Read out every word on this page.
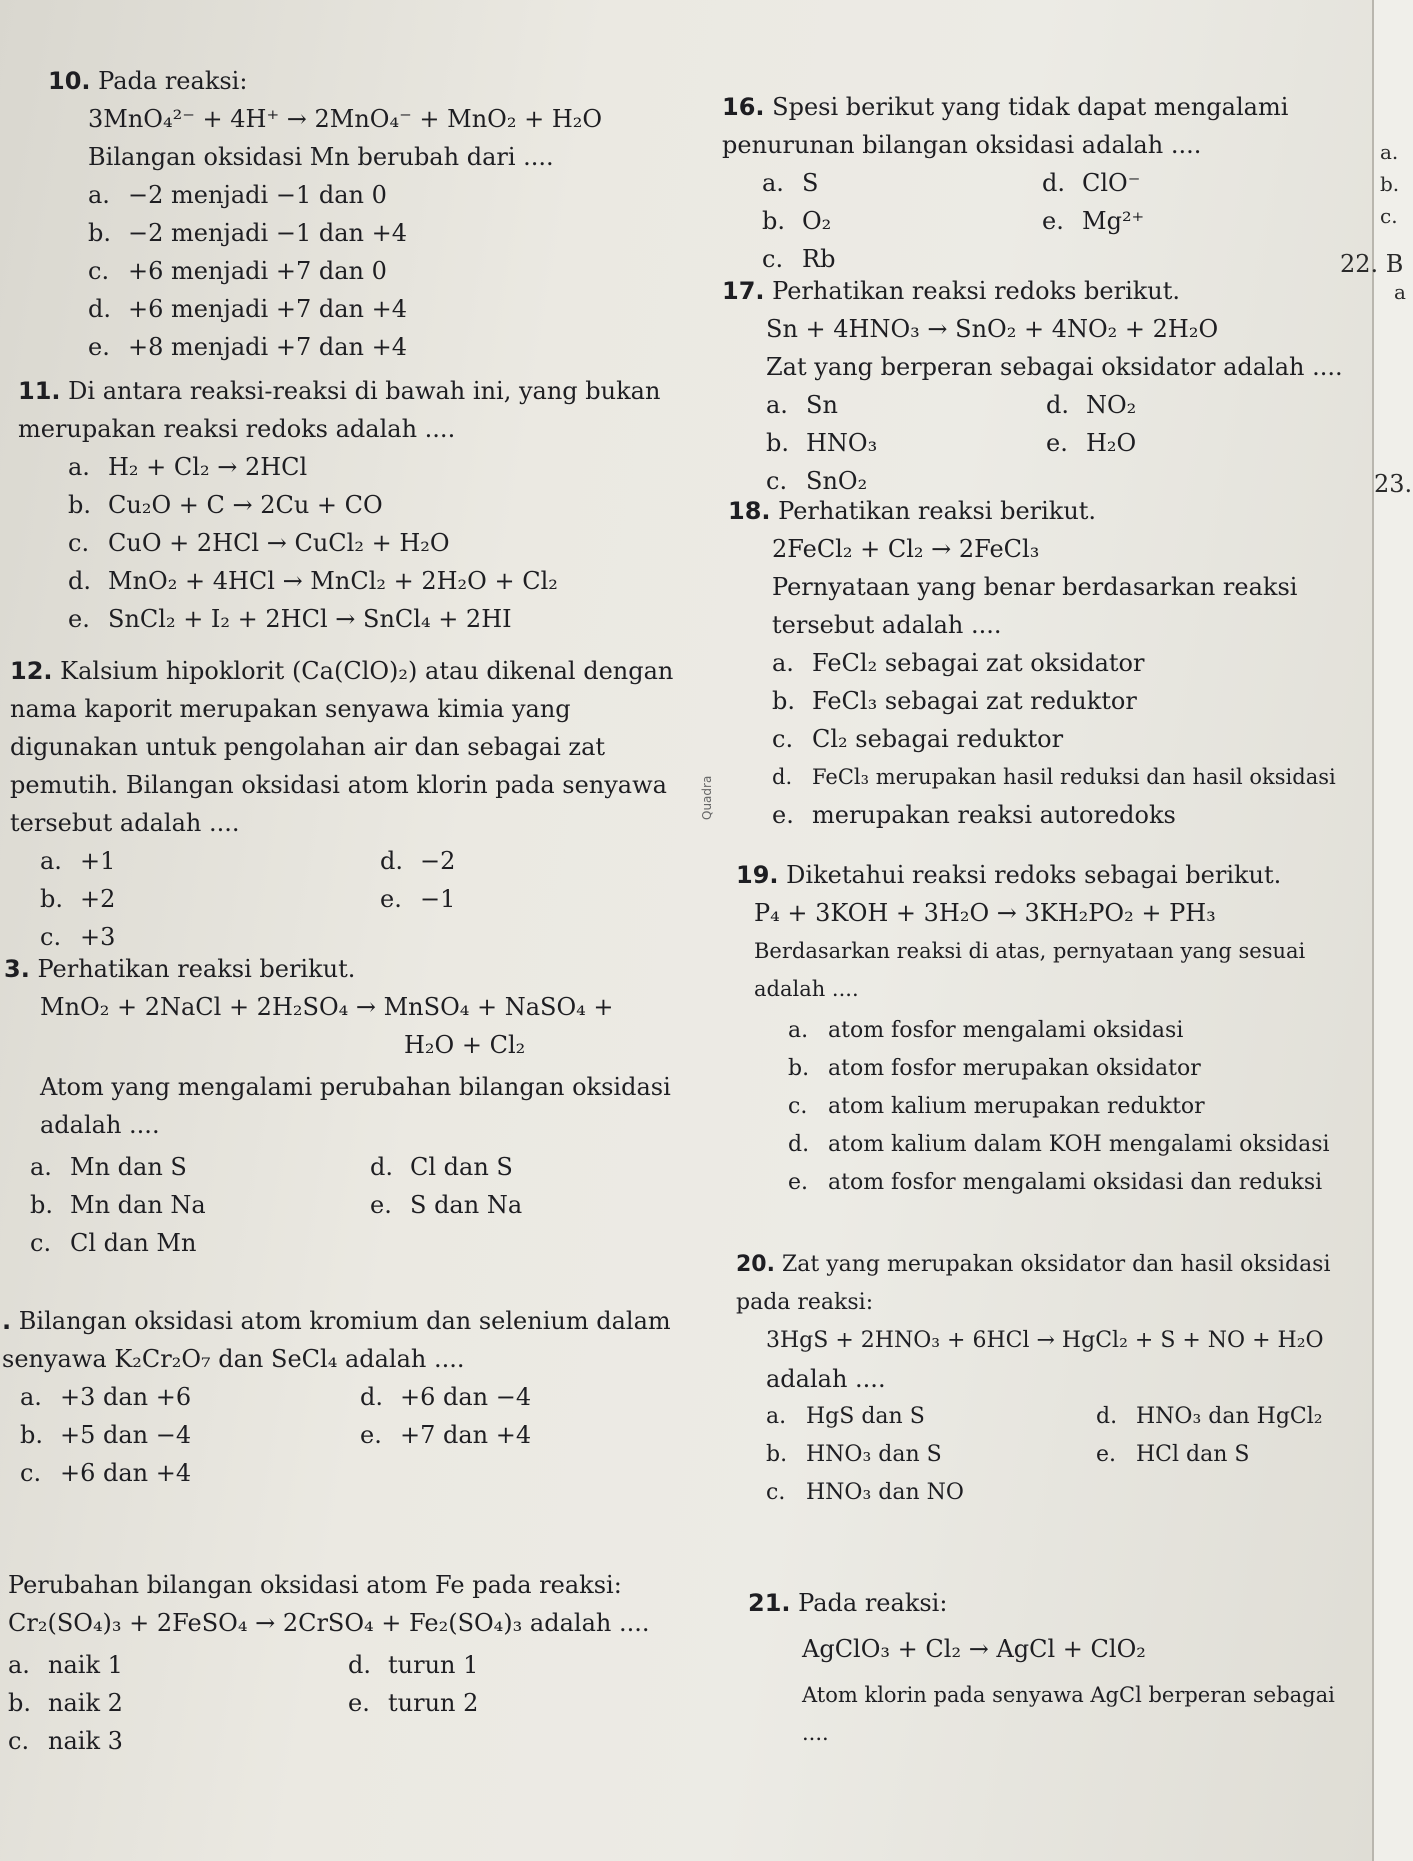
10. Pada reaksi:
3MnO₄²⁻ + 4H⁺ → 2MnO₄⁻ + MnO₂ + H₂O
Bilangan oksidasi Mn berubah dari ....
a. −2 menjadi −1 dan 0
b. −2 menjadi −1 dan +4
c. +6 menjadi +7 dan 0
d. +6 menjadi +7 dan +4
e. +8 menjadi +7 dan +4
11. Di antara reaksi-reaksi di bawah ini, yang bukan merupakan reaksi redoks adalah ....
a. H₂ + Cl₂ → 2HCl
b. Cu₂O + C → 2Cu + CO
c. CuO + 2HCl → CuCl₂ + H₂O
d. MnO₂ + 4HCl → MnCl₂ + 2H₂O + Cl₂
e. SnCl₂ + I₂ + 2HCl → SnCl₄ + 2HI
12. Kalsium hipoklorit (Ca(ClO)₂) atau dikenal dengan nama kaporit merupakan senyawa kimia yang digunakan untuk pengolahan air dan sebagai zat pemutih. Bilangan oksidasi atom klorin pada senyawa tersebut adalah ....
a. +1	d. −2
b. +2	e. −1
c. +3
3. Perhatikan reaksi berikut.
MnO₂ + 2NaCl + 2H₂SO₄ → MnSO₄ + NaSO₄ +
H₂O + Cl₂
Atom yang mengalami perubahan bilangan oksidasi adalah ....
a. Mn dan S	d. Cl dan S
b. Mn dan Na	e. S dan Na
c. Cl dan Mn
. Bilangan oksidasi atom kromium dan selenium dalam senyawa K₂Cr₂O₇ dan SeCl₄ adalah ....
a. +3 dan +6	d. +6 dan −4
b. +5 dan −4	e. +7 dan +4
c. +6 dan +4
Perubahan bilangan oksidasi atom Fe pada reaksi:
Cr₂(SO₄)₃ + 2FeSO₄ → 2CrSO₄ + Fe₂(SO₄)₃ adalah ....
a. naik 1	d. turun 1
b. naik 2	e. turun 2
c. naik 3
Quadra
16. Spesi berikut yang tidak dapat mengalami penurunan bilangan oksidasi adalah ....
a. S	d. ClO⁻
b. O₂	e. Mg²⁺
c. Rb
17. Perhatikan reaksi redoks berikut.
Sn + 4HNO₃ → SnO₂ + 4NO₂ + 2H₂O
Zat yang berperan sebagai oksidator adalah ....
a. Sn	d. NO₂
b. HNO₃	e. H₂O
c. SnO₂
18. Perhatikan reaksi berikut.
2FeCl₂ + Cl₂ → 2FeCl₃
Pernyataan yang benar berdasarkan reaksi tersebut adalah ....
a. FeCl₂ sebagai zat oksidator
b. FeCl₃ sebagai zat reduktor
c. Cl₂ sebagai reduktor
d. FeCl₃ merupakan hasil reduksi dan hasil oksidasi
e. merupakan reaksi autoredoks
19. Diketahui reaksi redoks sebagai berikut.
P₄ + 3KOH + 3H₂O → 3KH₂PO₂ + PH₃
Berdasarkan reaksi di atas, pernyataan yang sesuai adalah ....
a. atom fosfor mengalami oksidasi
b. atom fosfor merupakan oksidator
c. atom kalium merupakan reduktor
d. atom kalium dalam KOH mengalami oksidasi
e. atom fosfor mengalami oksidasi dan reduksi
20. Zat yang merupakan oksidator dan hasil oksidasi pada reaksi:
3HgS + 2HNO₃ + 6HCl → HgCl₂ + S + NO + H₂O
adalah ....
a. HgS dan S	d. HNO₃ dan HgCl₂
b. HNO₃ dan S	e. HCl dan S
c. HNO₃ dan NO
21. Pada reaksi:
AgClO₃ + Cl₂ → AgCl + ClO₂
Atom klorin pada senyawa AgCl berperan sebagai ....
a.
b.
c.
22. B
a
23.
